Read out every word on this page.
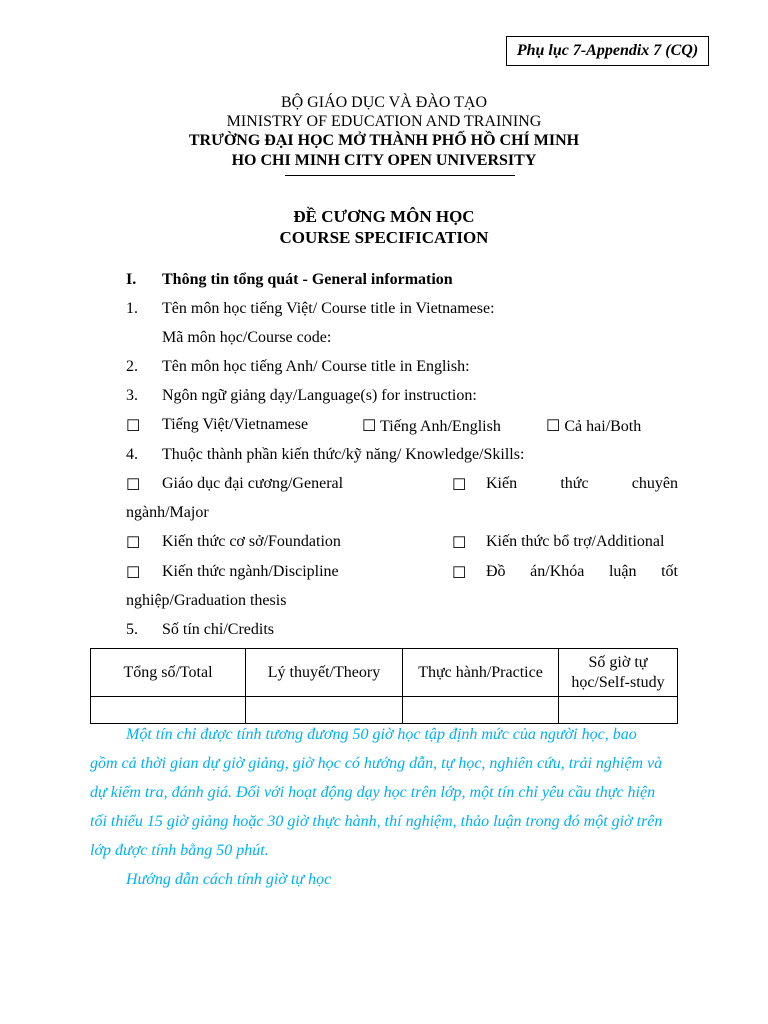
Phụ lục 7-Appendix 7 (CQ)
BỘ GIÁO DỤC VÀ ĐÀO TẠO
MINISTRY OF EDUCATION AND TRAINING
TRƯỜNG ĐẠI HỌC MỞ THÀNH PHỐ HỒ CHÍ MINH
HO CHI MINH CITY OPEN UNIVERSITY
ĐỀ CƯƠNG MÔN HỌC
COURSE SPECIFICATION
I. Thông tin tổng quát - General information
1. Tên môn học tiếng Việt/ Course title in Vietnamese:
Mã môn học/Course code:
2. Tên môn học tiếng Anh/ Course title in English:
3. Ngôn ngữ giảng dạy/Language(s) for instruction:
☐ Tiếng Việt/Vietnamese	☐ Tiếng Anh/English	☐ Cả hai/Both
4. Thuộc thành phần kiến thức/kỹ năng/ Knowledge/Skills:
☐ Giáo dục đại cương/General	☐ Kiến	thức	chuyên
ngành/Major
☐ Kiến thức cơ sở/Foundation	☐ Kiến thức bổ trợ/Additional
☐ Kiến thức ngành/Discipline	☐ Đồ án/Khóa luận tốt
nghiệp/Graduation thesis
5. Số tín chỉ/Credits
Tổng số/Total	Lý thuyết/Theory	Thực hành/Practice	Số giờ tự học/Self-study

Một tín chỉ được tính tương đương 50 giờ học tập định mức của người học, bao
gồm cả thời gian dự giờ giảng, giờ học có hướng dẫn, tự học, nghiên cứu, trải nghiệm và
dự kiểm tra, đánh giá. Đối với hoạt động dạy học trên lớp, một tín chỉ yêu cầu thực hiện
tối thiểu 15 giờ giảng hoặc 30 giờ thực hành, thí nghiệm, thảo luận trong đó một giờ trên
lớp được tính bằng 50 phút.
Hướng dẫn cách tính giờ tự học
